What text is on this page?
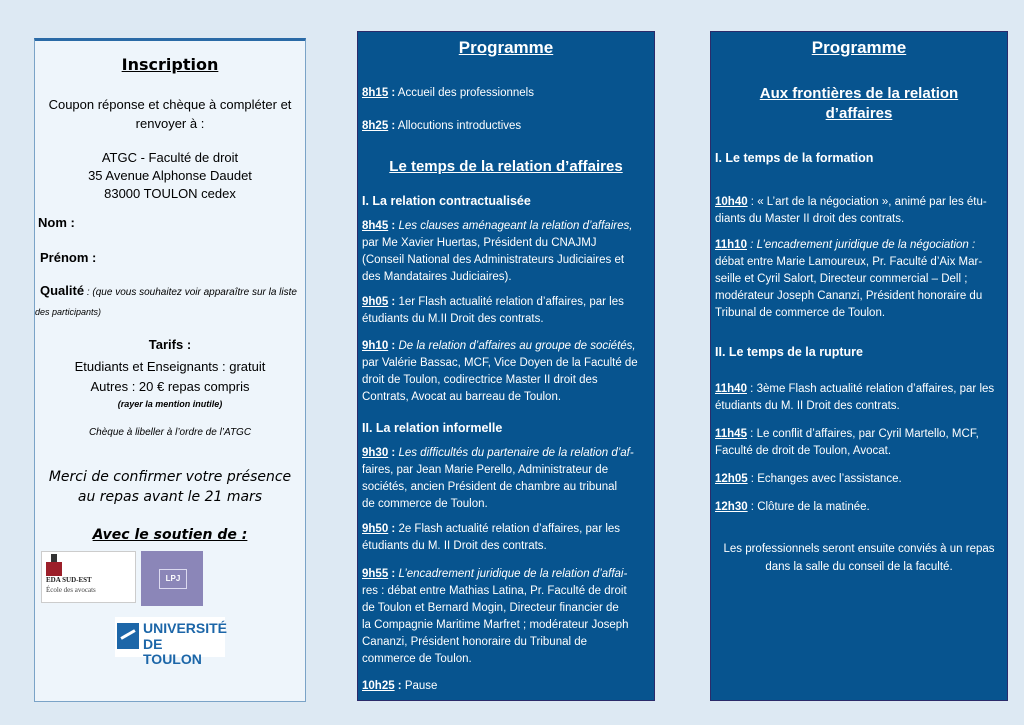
Inscription
Coupon réponse et chèque à compléter et
renvoyer à :
ATGC - Faculté de droit
35 Avenue Alphonse Daudet
83000 TOULON cedex
Nom :
Prénom :
Qualité : (que vous souhaitez voir apparaître sur la liste
des participants)
Tarifs :
Etudiants et Enseignants : gratuit
Autres : 20 € repas compris
(rayer la mention inutile)
Chèque à libeller à l’ordre de l’ATGC
Merci de confirmer votre présence
au repas avant le 21 mars
Avec le soutien de :
EDA SUD-EST
École des avocats
LPJ
UNIVERSITÉ
DE TOULON
Programme
8h15 : Accueil des professionnels
8h25 : Allocutions introductives
Le temps de la relation d’affaires
I. La relation contractualisée
8h45 : Les clauses aménageant la relation d’affaires,
par Me Xavier Huertas, Président du CNAJMJ
(Conseil National des Administrateurs Judiciaires et
des Mandataires Judiciaires).
9h05 : 1er Flash actualité relation d’affaires, par les
étudiants du M.II Droit des contrats.
9h10 : De la relation d’affaires au groupe de sociétés,
par Valérie Bassac, MCF, Vice Doyen de la Faculté de
droit de Toulon, codirectrice Master II droit des
Contrats, Avocat au barreau de Toulon.
II. La relation informelle
9h30 : Les difficultés du partenaire de la relation d’af-
faires, par Jean Marie Perello, Administrateur de
sociétés, ancien Président de chambre au tribunal
de commerce de Toulon.
9h50 : 2e Flash actualité relation d’affaires, par les
étudiants du M. II Droit des contrats.
9h55 : L’encadrement juridique de la relation d’affai-
res : débat entre Mathias Latina, Pr. Faculté de droit
de Toulon et Bernard Mogin, Directeur financier de
la Compagnie Maritime Marfret ; modérateur Joseph
Cananzi, Président honoraire du Tribunal de
commerce de Toulon.
10h25 : Pause
Programme
Aux frontières de la relation
d’affaires
I. Le temps de la formation
10h40 : « L’art de la négociation », animé par les étu-
diants du Master II droit des contrats.
11h10 : L’encadrement juridique de la négociation :
débat entre Marie Lamoureux, Pr. Faculté d’Aix Mar-
seille et Cyril Salort, Directeur commercial – Dell ;
modérateur Joseph Cananzi, Président honoraire du
Tribunal de commerce de Toulon.
II. Le temps de la rupture
11h40 : 3ème Flash actualité relation d’affaires, par les
étudiants du M. II Droit des contrats.
11h45 : Le conflit d’affaires, par Cyril Martello, MCF,
Faculté de droit de Toulon, Avocat.
12h05 : Echanges avec l’assistance.
12h30 : Clôture de la matinée.
Les professionnels seront ensuite conviés à un repas
dans la salle du conseil de la faculté.
